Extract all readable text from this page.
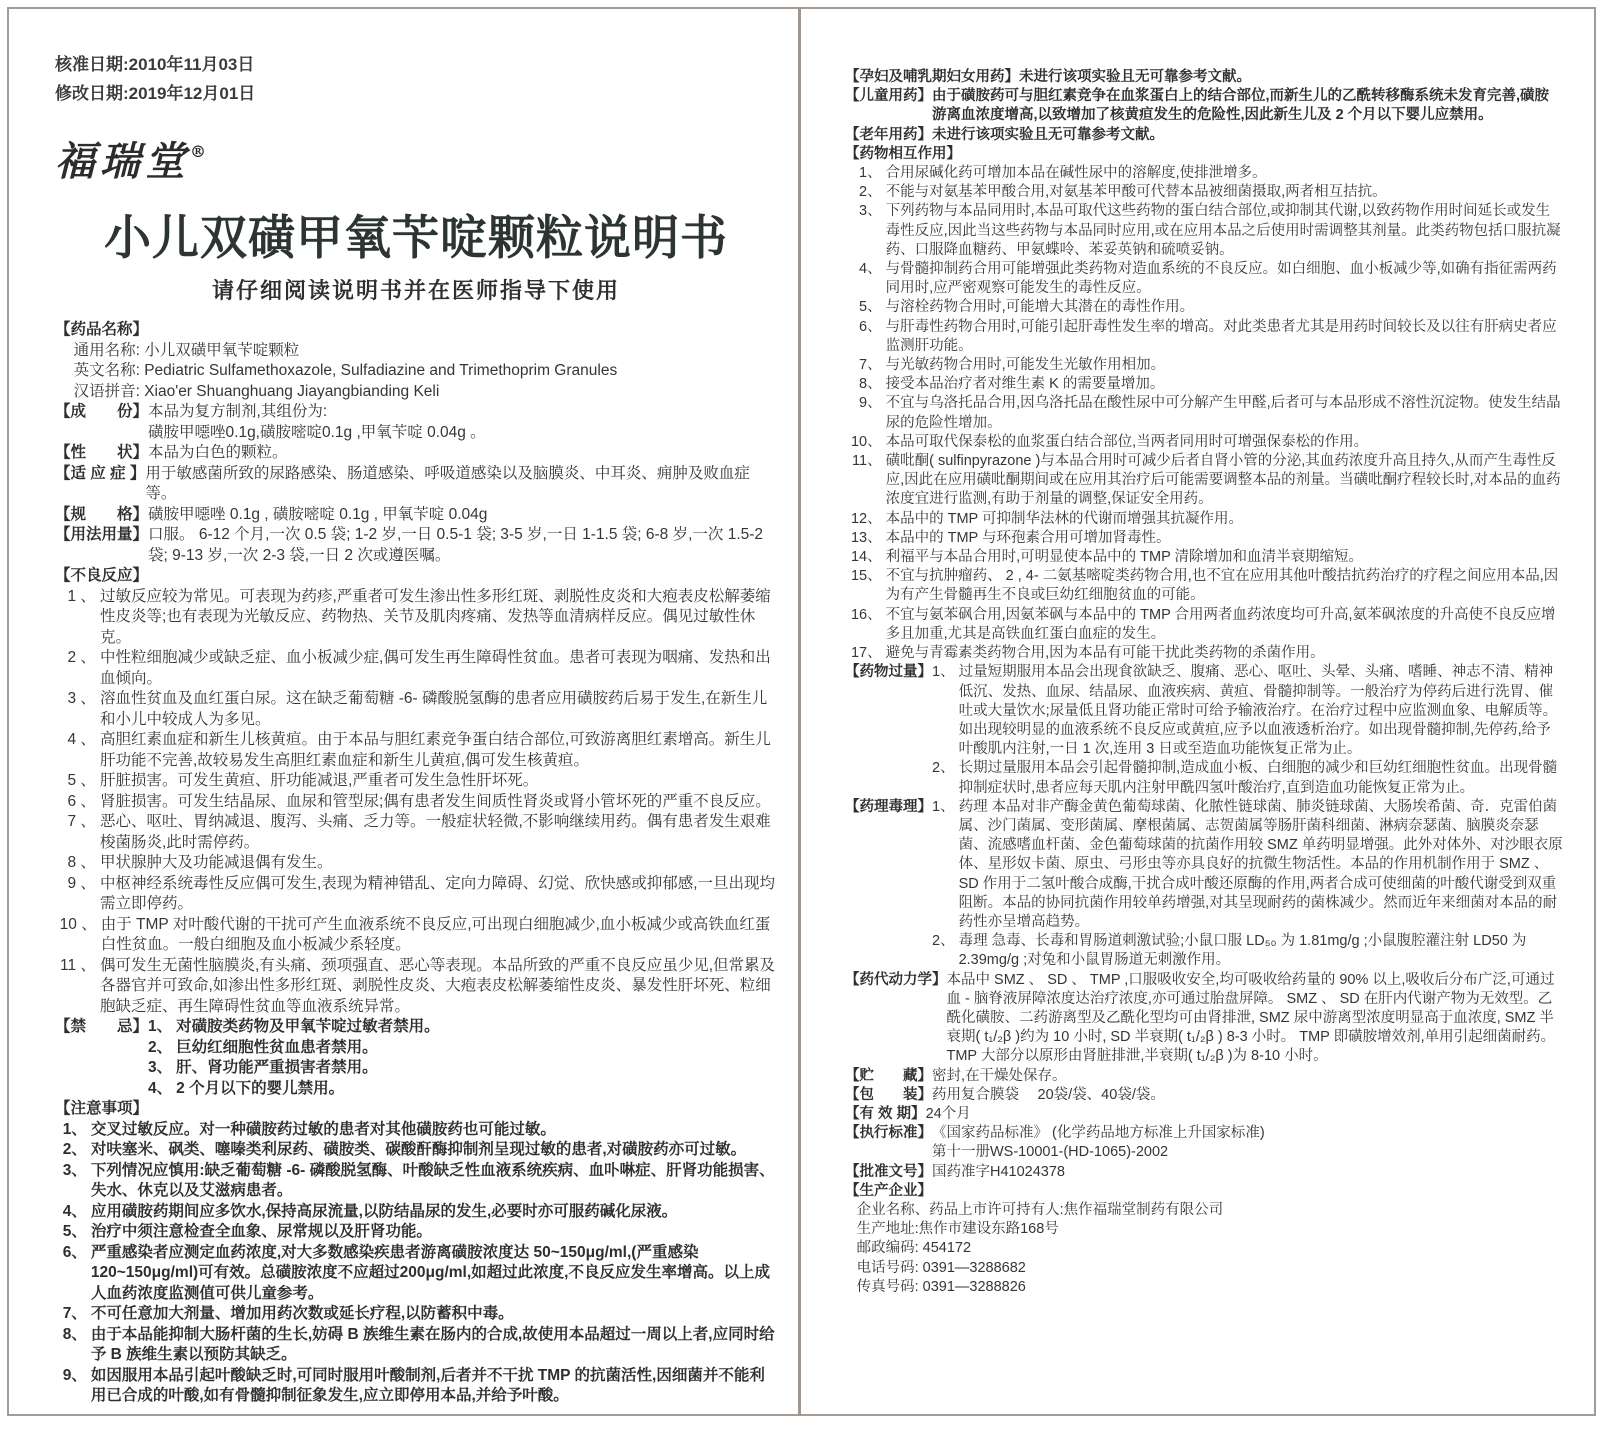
核准日期:2010年11月03日
修改日期:2019年12月01日
福瑞堂®
小儿双磺甲氧苄啶颗粒说明书
请仔细阅读说明书并在医师指导下使用
【药品名称】
通用名称: 小儿双磺甲氧苄啶颗粒
英文名称: Pediatric Sulfamethoxazole, Sulfadiazine and Trimethoprim Granules
汉语拼音: Xiao'er Shuanghuang Jiayangbianding Keli
【成　　份】 本品为复方制剂,其组份为:
磺胺甲噁唑0.1g,磺胺嘧啶0.1g ,甲氧苄啶 0.04g 。
【性　　状】 本品为白色的颗粒。
【适 应 症 】 用于敏感菌所致的尿路感染、肠道感染、呼吸道感染以及脑膜炎、中耳炎、痈肿及败血症等。
【规　　格】 磺胺甲噁唑 0.1g , 磺胺嘧啶 0.1g , 甲氧苄啶 0.04g
【用法用量】 口服。 6-12 个月,一次 0.5 袋; 1-2 岁,一日 0.5-1 袋; 3-5 岁,一日 1-1.5 袋; 6-8 岁,一次 1.5-2 袋; 9-13 岁,一次 2-3 袋,一日 2 次或遵医嘱。
【不良反应】
1 、 过敏反应较为常见。可表现为药疹,严重者可发生渗出性多形红斑、剥脱性皮炎和大疱表皮松解萎缩性皮炎等;也有表现为光敏反应、药物热、关节及肌肉疼痛、发热等血清病样反应。偶见过敏性休克。
2 、 中性粒细胞减少或缺乏症、血小板减少症,偶可发生再生障碍性贫血。患者可表现为咽痛、发热和出血倾向。
3 、 溶血性贫血及血红蛋白尿。这在缺乏葡萄糖 -6- 磷酸脱氢酶的患者应用磺胺药后易于发生,在新生儿和小儿中较成人为多见。
4 、 高胆红素血症和新生儿核黄疸。由于本品与胆红素竞争蛋白结合部位,可致游离胆红素增高。新生儿肝功能不完善,故较易发生高胆红素血症和新生儿黄疸,偶可发生核黄疸。
5 、 肝脏损害。可发生黄疸、肝功能减退,严重者可发生急性肝坏死。
6 、 肾脏损害。可发生结晶尿、血尿和管型尿;偶有患者发生间质性肾炎或肾小管坏死的严重不良反应。
7 、 恶心、呕吐、胃纳减退、腹泻、头痛、乏力等。一般症状轻微,不影响继续用药。偶有患者发生艰难梭菌肠炎,此时需停药。
8 、 甲状腺肿大及功能减退偶有发生。
9 、 中枢神经系统毒性反应偶可发生,表现为精神错乱、定向力障碍、幻觉、欣快感或抑郁感,一旦出现均需立即停药。
10 、 由于 TMP 对叶酸代谢的干扰可产生血液系统不良反应,可出现白细胞减少,血小板减少或高铁血红蛋白性贫血。一般白细胞及血小板减少系轻度。
11 、 偶可发生无菌性脑膜炎,有头痛、颈项强直、恶心等表现。本品所致的严重不良反应虽少见,但常累及各器官并可致命,如渗出性多形红斑、剥脱性皮炎、大疱表皮松解萎缩性皮炎、暴发性肝坏死、粒细胞缺乏症、再生障碍性贫血等血液系统异常。
【禁　　忌】 1、 对磺胺类药物及甲氧苄啶过敏者禁用。
2、 巨幼红细胞性贫血患者禁用。
3、 肝、肾功能严重损害者禁用。
4、 2 个月以下的婴儿禁用。
【注意事项】
1、 交叉过敏反应。对一种磺胺药过敏的患者对其他磺胺药也可能过敏。
2、 对呋塞米、砜类、噻嗪类利尿药、磺胺类、碳酸酐酶抑制剂呈现过敏的患者,对磺胺药亦可过敏。
3、 下列情况应慎用:缺乏葡萄糖 -6- 磷酸脱氢酶、叶酸缺乏性血液系统疾病、血卟啉症、肝肾功能损害、失水、休克以及艾滋病患者。
4、 应用磺胺药期间应多饮水,保持高尿流量,以防结晶尿的发生,必要时亦可服药碱化尿液。
5、 治疗中须注意检查全血象、尿常规以及肝肾功能。
6、 严重感染者应测定血药浓度,对大多数感染疾患者游离磺胺浓度达 50~150μg/ml,(严重感染 120~150μg/ml)可有效。总磺胺浓度不应超过200μg/ml,如超过此浓度,不良反应发生率增高。以上成人血药浓度监测值可供儿童参考。
7、 不可任意加大剂量、增加用药次数或延长疗程,以防蓄积中毒。
8、 由于本品能抑制大肠杆菌的生长,妨碍 B 族维生素在肠内的合成,故使用本品超过一周以上者,应同时给予 B 族维生素以预防其缺乏。
9、 如因服用本品引起叶酸缺乏时,可同时服用叶酸制剂,后者并不干扰 TMP 的抗菌活性,因细菌并不能利用已合成的叶酸,如有骨髓抑制征象发生,应立即停用本品,并给予叶酸。
【孕妇及哺乳期妇女用药】 未进行该项实验且无可靠参考文献。
【儿童用药】 由于磺胺药可与胆红素竞争在血浆蛋白上的结合部位,而新生儿的乙酰转移酶系统未发育完善,磺胺游离血浓度增高,以致增加了核黄疸发生的危险性,因此新生儿及 2 个月以下婴儿应禁用。
【老年用药】 未进行该项实验且无可靠参考文献。
【药物相互作用】
1、 合用尿碱化药可增加本品在碱性尿中的溶解度,使排泄增多。
2、 不能与对氨基苯甲酸合用,对氨基苯甲酸可代替本品被细菌摄取,两者相互拮抗。
3、 下列药物与本品同用时,本品可取代这些药物的蛋白结合部位,或抑制其代谢,以致药物作用时间延长或发生毒性反应,因此当这些药物与本品同时应用,或在应用本品之后使用时需调整其剂量。此类药物包括口服抗凝药、口服降血糖药、甲氨蝶呤、苯妥英钠和硫喷妥钠。
4、 与骨髓抑制药合用可能增强此类药物对造血系统的不良反应。如白细胞、血小板减少等,如确有指征需两药同用时,应严密观察可能发生的毒性反应。
5、 与溶栓药物合用时,可能增大其潜在的毒性作用。
6、 与肝毒性药物合用时,可能引起肝毒性发生率的增高。对此类患者尤其是用药时间较长及以往有肝病史者应监测肝功能。
7、 与光敏药物合用时,可能发生光敏作用相加。
8、 接受本品治疗者对维生素 K 的需要量增加。
9、 不宜与乌洛托品合用,因乌洛托品在酸性尿中可分解产生甲醛,后者可与本品形成不溶性沉淀物。使发生结晶尿的危险性增加。
10、 本品可取代保泰松的血浆蛋白结合部位,当两者同用时可增强保泰松的作用。
11、 磺吡酮( sulfinpyrazone )与本品合用时可减少后者自肾小管的分泌,其血药浓度升高且持久,从而产生毒性反应,因此在应用磺吡酮期间或在应用其治疗后可能需要调整本品的剂量。当磺吡酮疗程较长时,对本品的血药浓度宜进行监测,有助于剂量的调整,保证安全用药。
12、 本品中的 TMP 可抑制华法林的代谢而增强其抗凝作用。
13、 本品中的 TMP 与环孢素合用可增加肾毒性。
14、 利福平与本品合用时,可明显使本品中的 TMP 清除增加和血清半衰期缩短。
15、 不宜与抗肿瘤药、 2 , 4- 二氨基嘧啶类药物合用,也不宜在应用其他叶酸拮抗药治疗的疗程之间应用本品,因为有产生骨髓再生不良或巨幼红细胞贫血的可能。
16、 不宜与氨苯砜合用,因氨苯砜与本品中的 TMP 合用两者血药浓度均可升高,氨苯砜浓度的升高使不良反应增多且加重,尤其是高铁血红蛋白血症的发生。
17、 避免与青霉素类药物合用,因为本品有可能干扰此类药物的杀菌作用。
【药物过量】 1、 过量短期服用本品会出现食欲缺乏、腹痛、恶心、呕吐、头晕、头痛、嗜睡、神志不清、精神低沉、发热、血尿、结晶尿、血液疾病、黄疸、骨髓抑制等。一般治疗为停药后进行洗胃、催吐或大量饮水;尿量低且肾功能正常时可给予输液治疗。在治疗过程中应监测血象、电解质等。如出现较明显的血液系统不良反应或黄疸,应予以血液透析治疗。如出现骨髓抑制,先停药,给予叶酸肌内注射,一日 1 次,连用 3 日或至造血功能恢复正常为止。
2、 长期过量服用本品会引起骨髓抑制,造成血小板、白细胞的减少和巨幼红细胞性贫血。出现骨髓抑制症状时,患者应每天肌内注射甲酰四氢叶酸治疗,直到造血功能恢复正常为止。
【药理毒理】 1、 药理 本品对非产酶金黄色葡萄球菌、化脓性链球菌、肺炎链球菌、大肠埃希菌、奇．克雷伯菌属、沙门菌属、变形菌属、摩根菌属、志贺菌属等肠肝菌科细菌、淋病奈瑟菌、脑膜炎奈瑟菌、流感嗜血杆菌、金色葡萄球菌的抗菌作用较 SMZ 单药明显增强。此外对体外、对沙眼衣原体、星形奴卡菌、原虫、弓形虫等亦具良好的抗微生物活性。本品的作用机制作用于 SMZ 、 SD 作用于二氢叶酸合成酶,干扰合成叶酸还原酶的作用,两者合成可使细菌的叶酸代谢受到双重阻断。本品的协同抗菌作用较单药增强,对其呈现耐药的菌株减少。然而近年来细菌对本品的耐药性亦呈增高趋势。
2、 毒理 急毒、长毒和胃肠道刺激试验;小鼠口服 LD₅₀ 为 1.81mg/g ;小鼠腹腔灌注射 LD50 为 2.39mg/g ;对兔和小鼠胃肠道无刺激作用。
【药代动力学】 本品中 SMZ 、 SD 、 TMP ,口服吸收安全,均可吸收给药量的 90% 以上,吸收后分布广泛,可通过血 - 脑脊液屏障浓度达治疗浓度,亦可通过胎盘屏障。 SMZ 、 SD 在肝内代谢产物为无效型。乙酰化磺胺、二药游离型及乙酰化型均可由肾排泄, SMZ 尿中游离型浓度明显高于血浓度, SMZ 半衰期( t₁/₂β )约为 10 小时, SD 半衰期( t₁/₂β ) 8-3 小时。 TMP 即磺胺增效剂,单用引起细菌耐药。 TMP 大部分以原形由肾脏排泄,半衰期( t₁/₂β )为 8-10 小时。
【贮　　藏】 密封,在干燥处保存。
【包　　装】 药用复合膜袋　 20袋/袋、40袋/袋。
【有 效 期】 24个月
【执行标准】 《国家药品标准》 (化学药品地方标准上升国家标准)
第十一册WS-10001-(HD-1065)-2002
【批准文号】 国药准字H41024378
【生产企业】
企业名称、药品上市许可持有人:焦作福瑞堂制药有限公司
生产地址:焦作市建设东路168号
邮政编码: 454172
电话号码: 0391—3288682
传真号码: 0391—3288826
